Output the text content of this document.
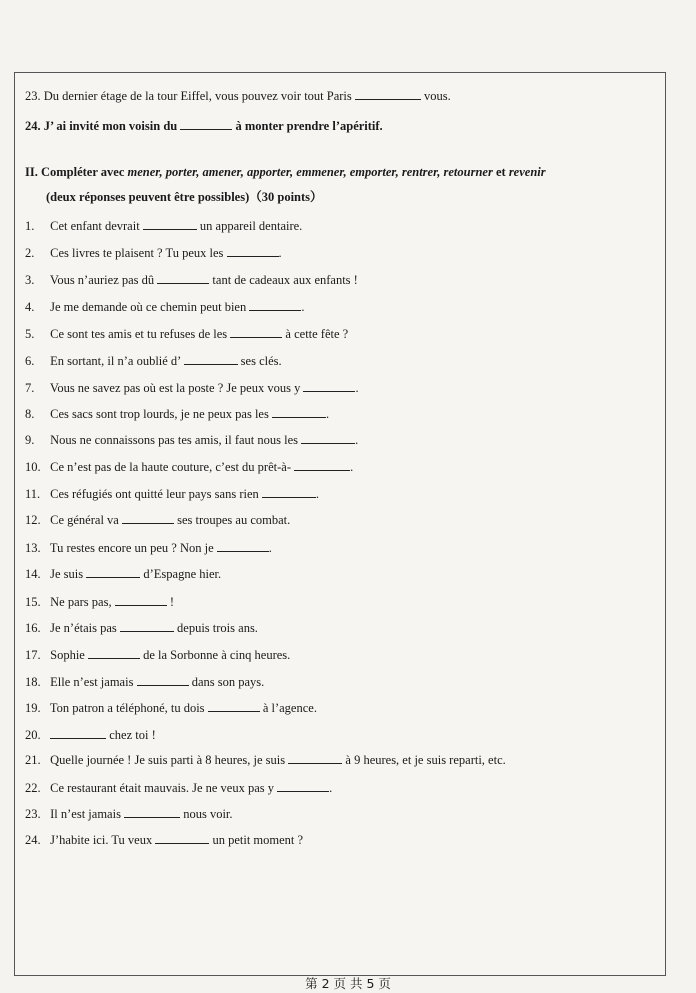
23. Du dernier étage de la tour Eiffel, vous pouvez voir tout Paris	vous.
24. J’ ai invité mon voisin du	à monter prendre l’apéritif.
II. Compléter avec mener, porter, amener, apporter, emmener, emporter, rentrer, retourner et revenir
(deux réponses peuvent être possibles)（30 points）
1. Cet enfant devrait	un appareil dentaire.
2. Ces livres te plaisent ? Tu peux les	.
3. Vous n’auriez pas dû	tant de cadeaux aux enfants !
4. Je me demande où ce chemin peut bien	.
5. Ce sont tes amis et tu refuses de les	à cette fête ?
6. En sortant, il n’a oublié d’	ses clés.
7. Vous ne savez pas où est la poste ? Je peux vous y	.
8. Ces sacs sont trop lourds, je ne peux pas les	.
9. Nous ne connaissons pas tes amis, il faut nous les	.
10. Ce n’est pas de la haute couture, c’est du prêt-à-	.
11. Ces réfugiés ont quitté leur pays sans rien	.
12. Ce général va	ses troupes au combat.
13. Tu restes encore un peu ? Non je	.
14. Je suis	d’Espagne hier.
15. Ne pars pas,	!
16. Je n’étais pas	depuis trois ans.
17. Sophie	de la Sorbonne à cinq heures.
18. Elle n’est jamais	dans son pays.
19. Ton patron a téléphoné, tu dois	à l’agence.
20.	chez toi !
21. Quelle journée ! Je suis parti à 8 heures, je suis	à 9 heures, et je suis reparti, etc.
22. Ce restaurant était mauvais. Je ne veux pas y	.
23. Il n’est jamais	nous voir.
24. J’habite ici. Tu veux	un petit moment ?
第 2 页 共 5 页
